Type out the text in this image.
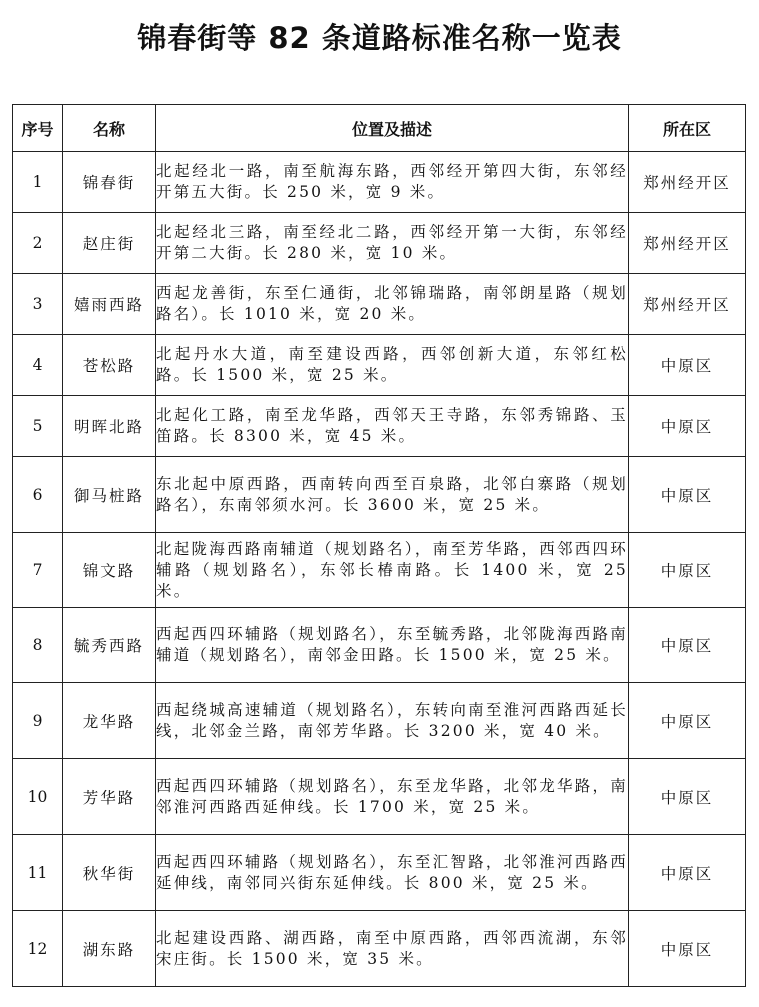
锦春街等 82 条道路标准名称一览表
序号	名称	位置及描述	所在区
1	锦春街	北起经北一路，南至航海东路，西邻经开第四大街，东邻经开第五大街。长 250 米，宽 9 米。	郑州经开区
2	赵庄街	北起经北三路，南至经北二路，西邻经开第一大街，东邻经开第二大街。长 280 米，宽 10 米。	郑州经开区
3	嬉雨西路	西起龙善街，东至仁通街，北邻锦瑞路，南邻朗星路（规划路名）。长 1010 米，宽 20 米。	郑州经开区
4	苍松路	北起丹水大道，南至建设西路，西邻创新大道，东邻红松路。长 1500 米，宽 25 米。	中原区
5	明晖北路	北起化工路，南至龙华路，西邻天王寺路，东邻秀锦路、玉笛路。长 8300 米，宽 45 米。	中原区
6	御马桩路	东北起中原西路，西南转向西至百泉路，北邻白寨路（规划路名），东南邻须水河。长 3600 米，宽 25 米。	中原区
7	锦文路	北起陇海西路南辅道（规划路名），南至芳华路，西邻西四环辅路（规划路名），东邻长椿南路。长 1400 米，宽 25 米。	中原区
8	毓秀西路	西起西四环辅路（规划路名），东至毓秀路，北邻陇海西路南辅道（规划路名），南邻金田路。长 1500 米，宽 25 米。	中原区
9	龙华路	西起绕城高速辅道（规划路名），东转向南至淮河西路西延长线，北邻金兰路，南邻芳华路。长 3200 米，宽 40 米。	中原区
10	芳华路	西起西四环辅路（规划路名），东至龙华路，北邻龙华路，南邻淮河西路西延伸线。长 1700 米，宽 25 米。	中原区
11	秋华街	西起西四环辅路（规划路名），东至汇智路，北邻淮河西路西延伸线，南邻同兴街东延伸线。长 800 米，宽 25 米。	中原区
12	湖东路	北起建设西路、湖西路，南至中原西路，西邻西流湖，东邻宋庄街。长 1500 米，宽 35 米。	中原区
